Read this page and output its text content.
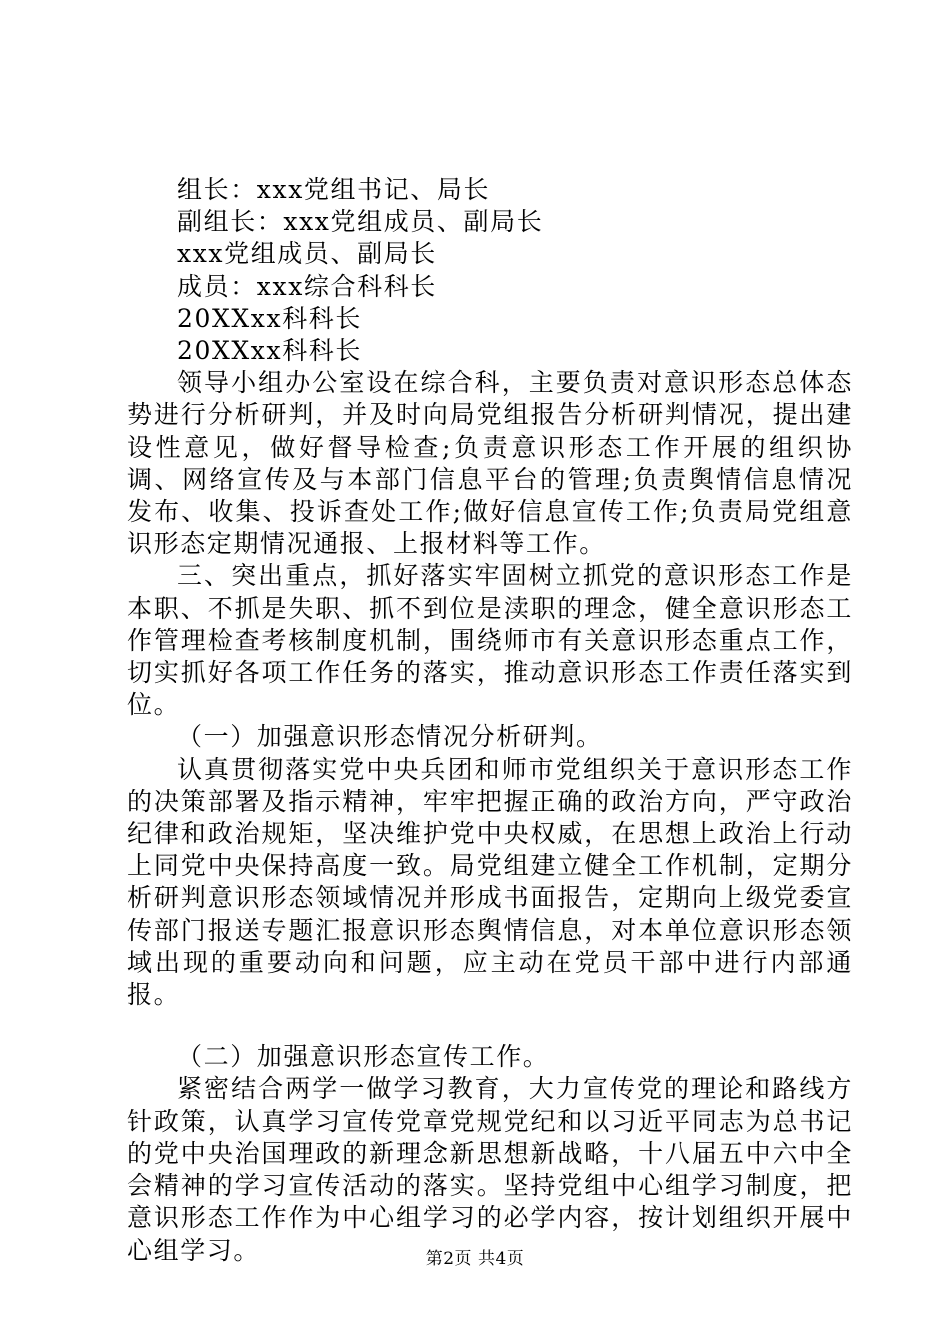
组长：xxx党组书记、局长

副组长：xxx党组成员、副局长

xxx党组成员、副局长

成员：xxx综合科科长

20XXxx科科长

20XXxx科科长

领导小组办公室设在综合科，主要负责对意识形态总体态势进行分析研判，并及时向局党组报告分析研判情况，提出建设性意见，做好督导检查;负责意识形态工作开展的组织协调、网络宣传及与本部门信息平台的管理;负责舆情信息情况发布、收集、投诉查处工作;做好信息宣传工作;负责局党组意识形态定期情况通报、上报材料等工作。

三、突出重点，抓好落实牢固树立抓党的意识形态工作是本职、不抓是失职、抓不到位是渎职的理念，健全意识形态工作管理检查考核制度机制，围绕师市有关意识形态重点工作，切实抓好各项工作任务的落实，推动意识形态工作责任落实到位。

（一）加强意识形态情况分析研判。

认真贯彻落实党中央兵团和师市党组织关于意识形态工作的决策部署及指示精神，牢牢把握正确的政治方向，严守政治纪律和政治规矩，坚决维护党中央权威，在思想上政治上行动上同党中央保持高度一致。局党组建立健全工作机制，定期分析研判意识形态领域情况并形成书面报告，定期向上级党委宣传部门报送专题汇报意识形态舆情信息，对本单位意识形态领域出现的重要动向和问题，应主动在党员干部中进行内部通报。

（二）加强意识形态宣传工作。

紧密结合两学一做学习教育，大力宣传党的理论和路线方针政策，认真学习宣传党章党规党纪和以习近平同志为总书记的党中央治国理政的新理念新思想新战略，十八届五中六中全会精神的学习宣传活动的落实。坚持党组中心组学习制度，把意识形态工作作为中心组学习的必学内容，按计划组织开展中心组学习。	第2页 共4页
